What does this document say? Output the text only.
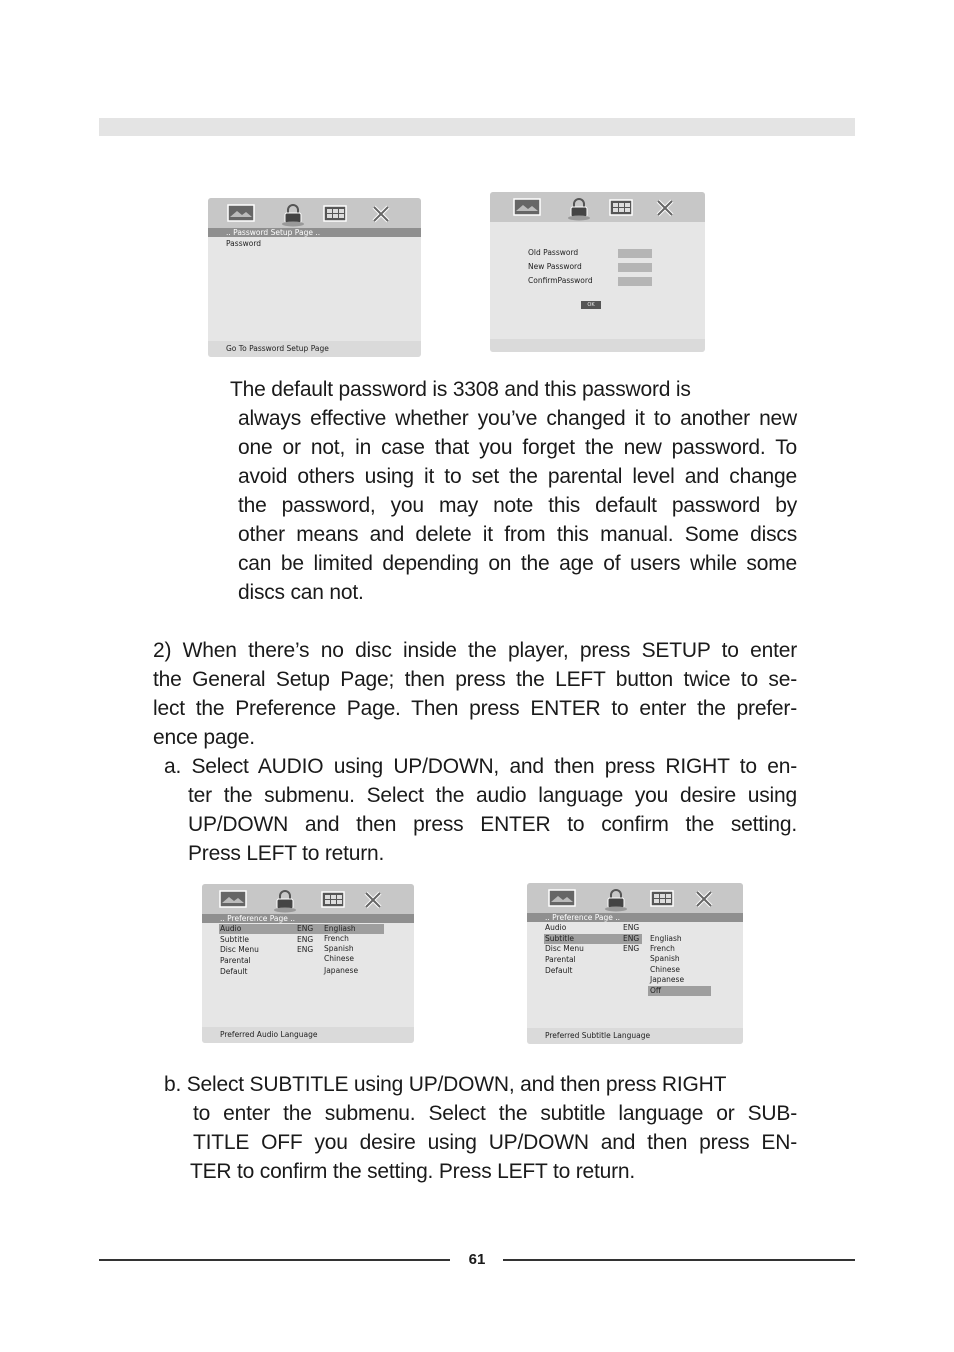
.. Password Setup Page ..
Password
Go To Password Setup Page
Old Password
New Password
ConfirmPassword
OK
The default password is 3308 and this password is
always effective whether you’ve changed it to another new
one or not, in case that you forget the new password. To
avoid others using it to set the parental level and change
the password, you may note this default password by
other means and delete it from this manual. Some discs
can be limited depending on the age of users while some
discs can not.
2) When there’s no disc inside the player, press SETUP to enter
the General Setup Page; then press the LEFT button twice to se-
lect the Preference Page. Then press ENTER to enter the prefer-
ence page.
a. Select AUDIO using UP/DOWN, and then press RIGHT to en-
ter the submenu. Select the audio language you desire using
UP/DOWN and then press ENTER to confirm the setting.
Press LEFT to return.
.. Preference Page ..
Audio
Subtitle
Disc Menu
Parental
Default
ENG
ENG
ENG
Engliash
French
Spanish
Chinese
Japanese
Preferred Audio Language
.. Preference Page ..
Audio
Subtitle
Disc Menu
Parental
Default
ENG
ENG
ENG
Engliash
French
Spanish
Chinese
Japanese
Off
Preferred Subtitle Language
b. Select SUBTITLE using UP/DOWN, and then press RIGHT
to enter the submenu. Select the subtitle language or SUB-
TITLE OFF you desire using UP/DOWN and then press EN-
TER to confirm the setting. Press LEFT to return.
61
